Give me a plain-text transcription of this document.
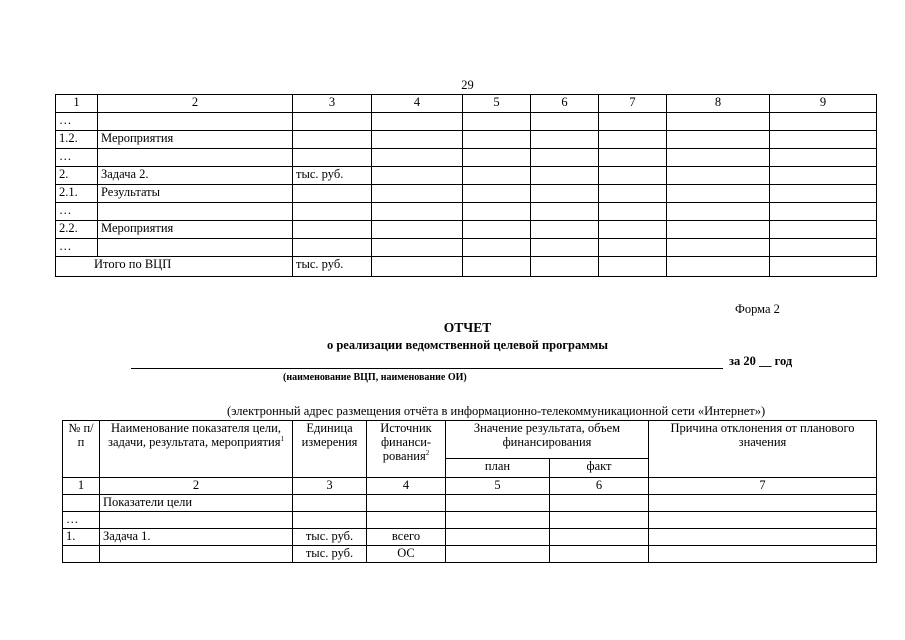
29
1	2	3	4	5	6	7	8	9
…								
1.2.	Мероприятия							
…								
2.	Задача 2.	тыс. руб.						
2.1.	Результаты							
…								
2.2.	Мероприятия							
…								
Итого по ВЦП		тыс. руб.						
Форма 2
ОТЧЕТ
о реализации ведомственной целевой программы
за 20 __ год
(наименование ВЦП, наименование ОИ)
(электронный адрес размещения отчёта в информационно-телекоммуникационной сети «Интернет»)
№ п/п	Наименование показателя цели, задачи, результата, мероприятия$^1$	Единица измерения	Источник финанси-рования$^2$	Значение результата, объем финансирования		Причина отклонения от планового значения
				план	факт	
1	2	3	4	5	6	7
	Показатели цели					
…						
1.	Задача 1.	тыс. руб.	всего			
		тыс. руб.	ОС			
